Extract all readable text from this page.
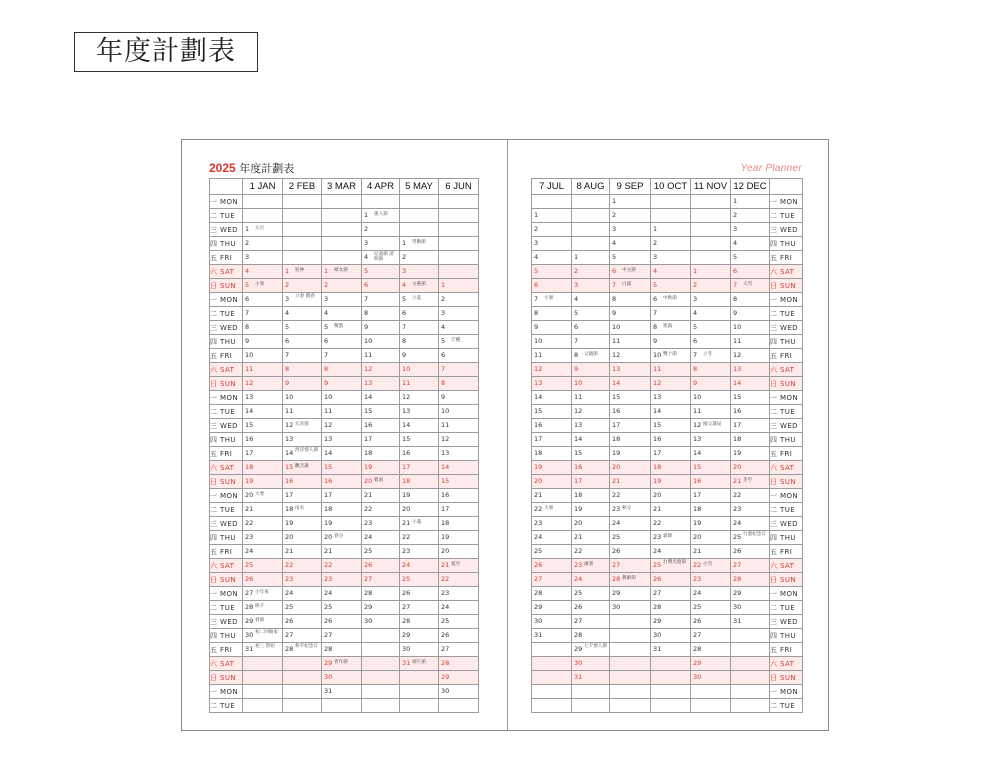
年度計劃表
2025 年度計劃表	Year Planner
	1 JAN	2 FEB	3 MAR	4 APR	5 MAY	6 JUN
一 MON						
二 TUE				1 愚人節		

三 WED	1 元旦			2		

四 THU	2			3	1 勞動節	

五 FRI	3			4 兒童節 清明節	2	

六 SAT	4	1 迎神	1 婦女節	5	3	

日 SUN	5 小寒	2	2	6	4 文藝節	1

一 MON	6	3 立春 開春	3	7	5 立夏	2

二 TUE	7	4	4	8	6	3

三 WED	8	5	5 驚蟄	9	7	4

四 THU	9	6	6	10	8	5 芒種

五 FRI	10	7	7	11	9	6

六 SAT	11	8	8	12	10	7

日 SUN	12	9	9	13	11	8

一 MON	13	10	10	14	12	9

二 TUE	14	11	11	15	13	10

三 WED	15	12 元宵節	12	16	14	11

四 THU	16	13	13	17	15	12

五 FRI	17	14 西洋情人節	14	18	16	13

六 SAT	18	15 觀音誕	15	19	17	14

日 SUN	19	16	16	20 穀雨	18	15

一 MON	20 大寒	17	17	21	19	16

二 TUE	21	18 雨水	18	22	20	17

三 WED	22	19	19	23	21 小滿	18

四 THU	23	20	20 春分	24	22	19

五 FRI	24	21	21	25	23	20

六 SAT	25	22	22	26	24	21 夏至

日 SUN	26	23	23	27	25	22

一 MON	27 小年夜	24	24	28	26	23

二 TUE	28 除夕	25	25	29	27	24

三 WED	29 春節	26	26	30	28	25

四 THU	30 初二回娘家	27	27		29	26

五 FRI	31 初三 祭祀	28 和平紀念日	28		30	27

六 SAT			29 青年節		31 端午節	28

日 SUN			30			29

一 MON			31			30

二 TUE						
7 JUL	8 AUG	9 SEP	10 OCT	11 NOV	12 DEC	

		1			1	一 MON

1		2			2	二 TUE

2		3	1		3	三 WED

3		4	2		4	四 THU

4	1	5	3		5	五 FRI

5	2	6 中元節	4	1	6	六 SAT

6	3	7 白露	5	2	7 大雪	日 SUN

7 小暑	4	8	6 中秋節	3	8	一 MON

8	5	9	7	4	9	二 TUE

9	6	10	8 寒露	5	10	三 WED

10	7	11	9	6	11	四 THU

11	8 父親節	12	10 雙十節	7 立冬	12	五 FRI

12	9	13	11	8	13	六 SAT

13	10	14	12	9	14	日 SUN

14	11	15	13	10	15	一 MON

15	12	16	14	11	16	二 TUE

16	13	17	15	12 國父誕辰	17	三 WED

17	14	18	16	13	18	四 THU

18	15	19	17	14	19	五 FRI

19	16	20	18	15	20	六 SAT

20	17	21	19	16	21 冬至	日 SUN

21	18	22	20	17	22	一 MON

22 大暑	19	23 秋分	21	18	23	二 TUE

23	20	24	22	19	24	三 WED

24	21	25	23 霜降	20	25 行憲紀念日	四 THU

25	22	26	24	21	26	五 FRI

26	23 處暑	27	25 台灣光復節	22 小雪	27	六 SAT

27	24	28 教師節	26	23	28	日 SUN

28	25	29	27	24	29	一 MON

29	26	30	28	25	30	二 TUE

30	27		29	26	31	三 WED

31	28		30	27		四 THU

	29 七夕情人節		31	28		五 FRI

	30			29		六 SAT

	31			30		日 SUN
						一 MON
						二 TUE
